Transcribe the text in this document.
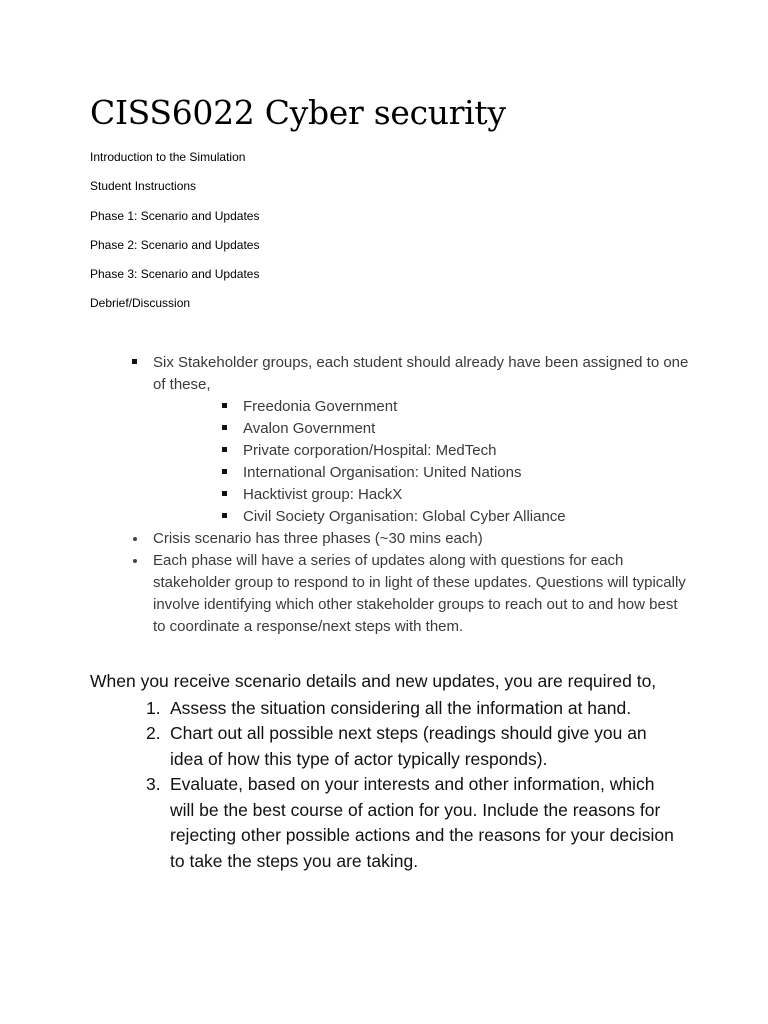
CISS6022 Cyber security
Introduction to the Simulation
Student Instructions
Phase 1: Scenario and Updates
Phase 2: Scenario and Updates
Phase 3: Scenario and Updates
Debrief/Discussion
Six Stakeholder groups, each student should already have been assigned to one of these,
Freedonia Government
Avalon Government
Private corporation/Hospital: MedTech
International Organisation: United Nations
Hacktivist group: HackX
Civil Society Organisation: Global Cyber Alliance
Crisis scenario has three phases (~30 mins each)
Each phase will have a series of updates along with questions for each stakeholder group to respond to in light of these updates. Questions will typically involve identifying which other stakeholder groups to reach out to and how best to coordinate a response/next steps with them.

When you receive scenario details and new updates, you are required to,

1. Assess the situation considering all the information at hand.
2. Chart out all possible next steps (readings should give you an idea of how this type of actor typically responds).
3. Evaluate, based on your interests and other information, which will be the best course of action for you. Include the reasons for rejecting other possible actions and the reasons for your decision to take the steps you are taking.
